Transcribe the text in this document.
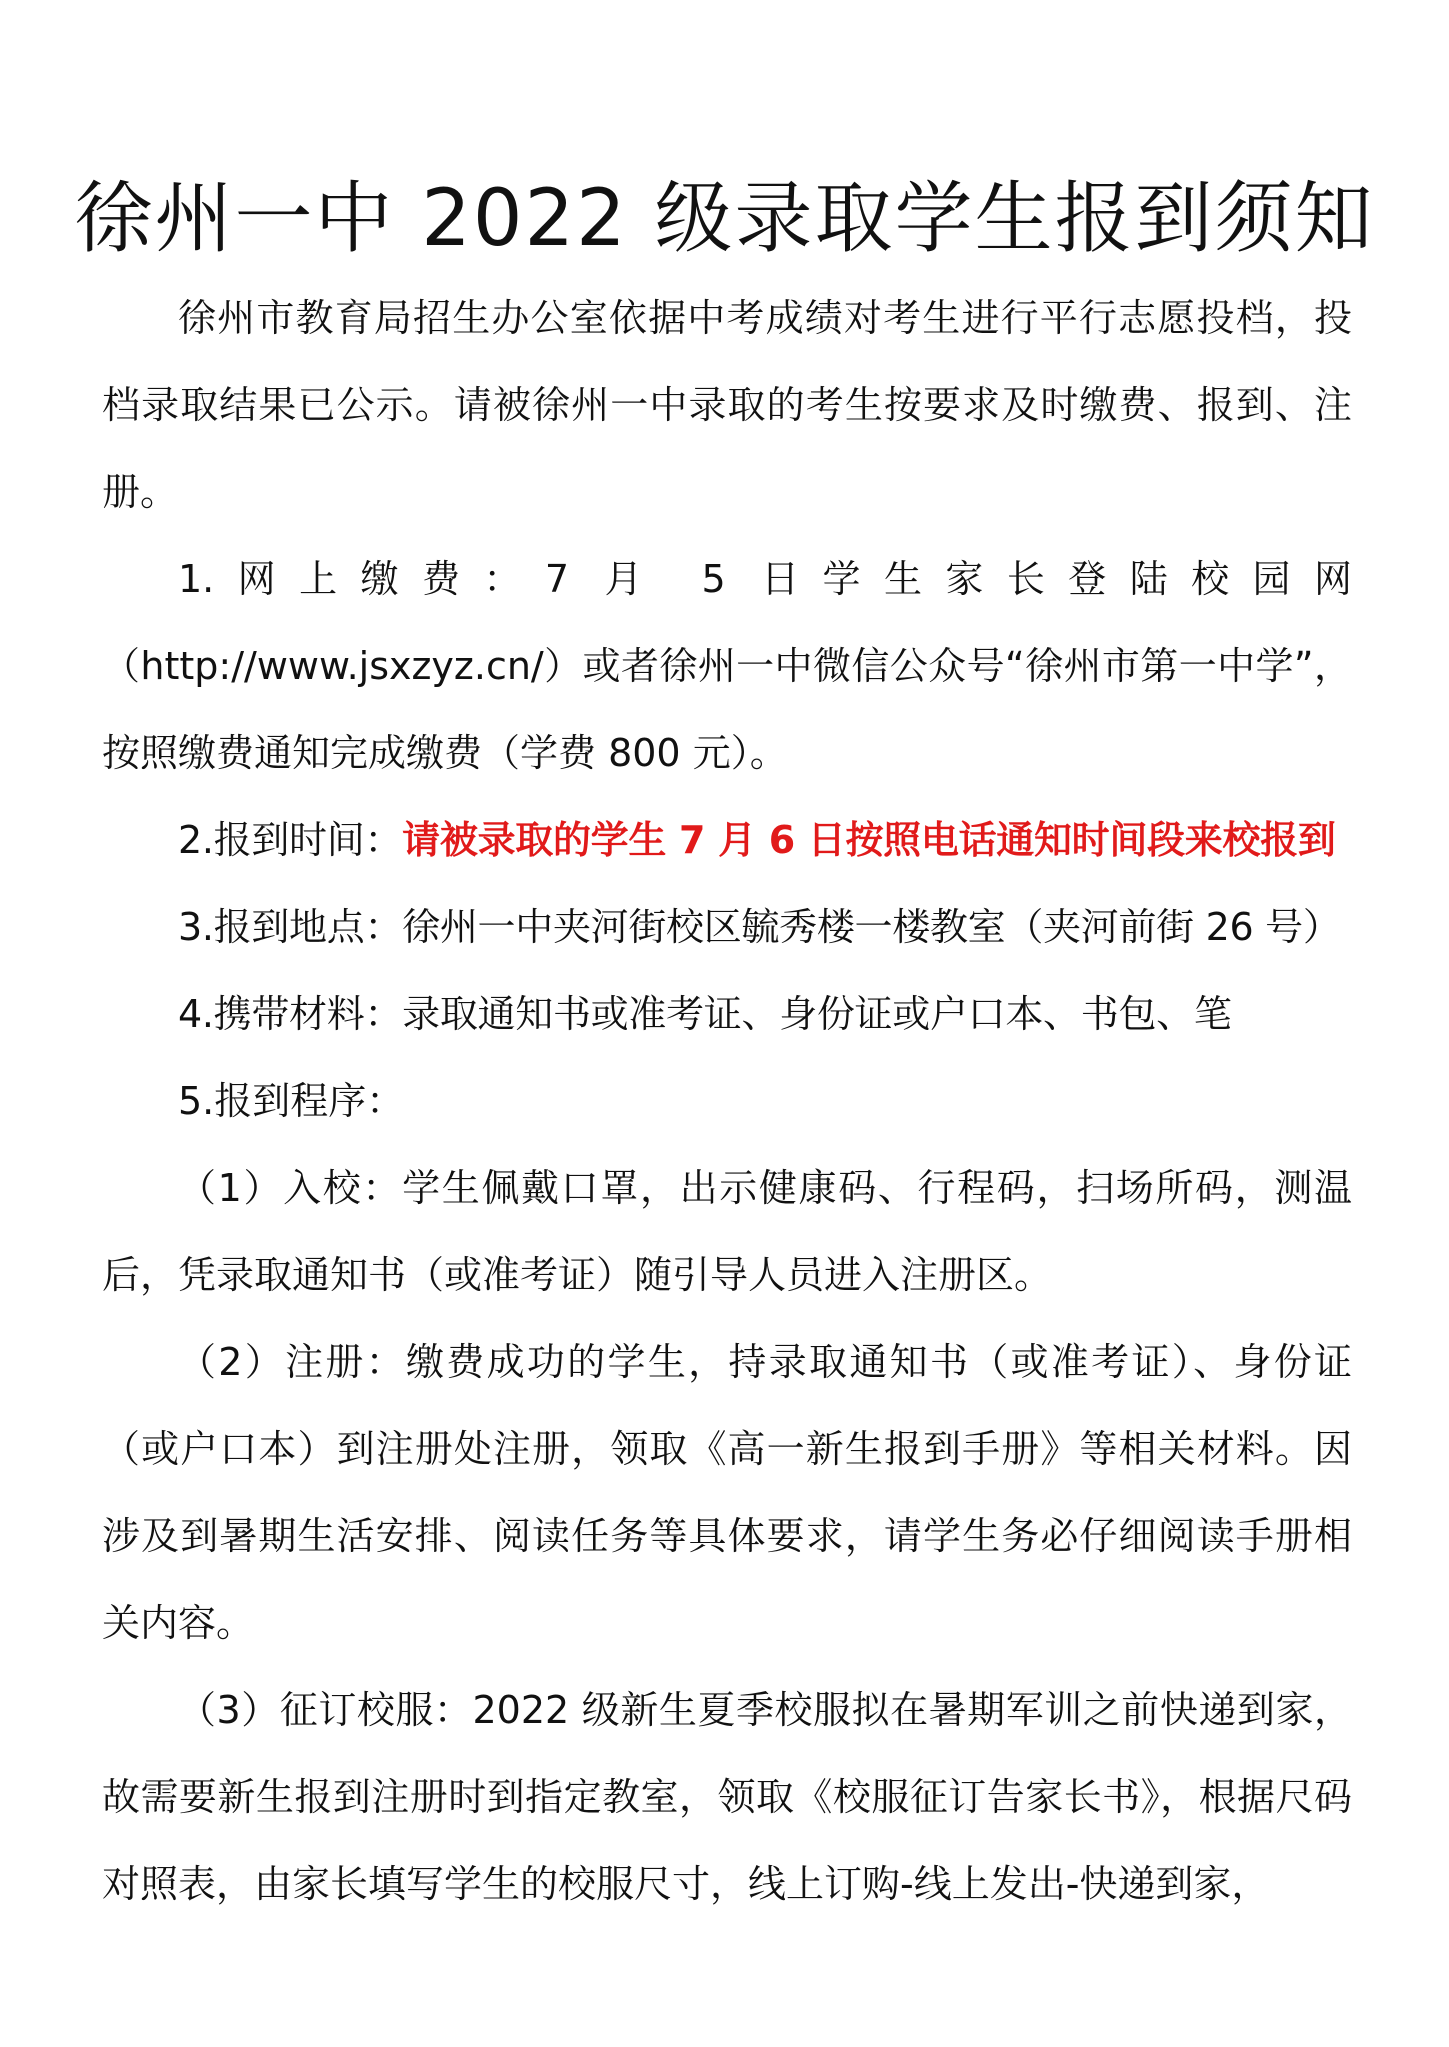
徐州一中 2022 级录取学生报到须知

徐州市教育局招生办公室依据中考成绩对考生进行平行志愿投档，投档录取结果已公示。请被徐州一中录取的考生按要求及时缴费、报到、注册。

1.网上缴费：7 月 5 日学生家长登陆校园网（http://www.jsxzyz.cn/）或者徐州一中微信公众号“徐州市第一中学”，按照缴费通知完成缴费（学费 800 元）。

2.报到时间：请被录取的学生 7 月 6 日按照电话通知时间段来校报到

3.报到地点：徐州一中夹河街校区毓秀楼一楼教室（夹河前街 26 号）

4.携带材料：录取通知书或准考证、身份证或户口本、书包、笔

5.报到程序：

（1）入校：学生佩戴口罩，出示健康码、行程码，扫场所码，测温后，凭录取通知书（或准考证）随引导人员进入注册区。

（2）注册：缴费成功的学生，持录取通知书（或准考证）、身份证（或户口本）到注册处注册，领取《高一新生报到手册》等相关材料。因涉及到暑期生活安排、阅读任务等具体要求，请学生务必仔细阅读手册相关内容。

（3）征订校服：2022 级新生夏季校服拟在暑期军训之前快递到家，故需要新生报到注册时到指定教室，领取《校服征订告家长书》，根据尺码对照表，由家长填写学生的校服尺寸，线上订购-线上发出-快递到家，
